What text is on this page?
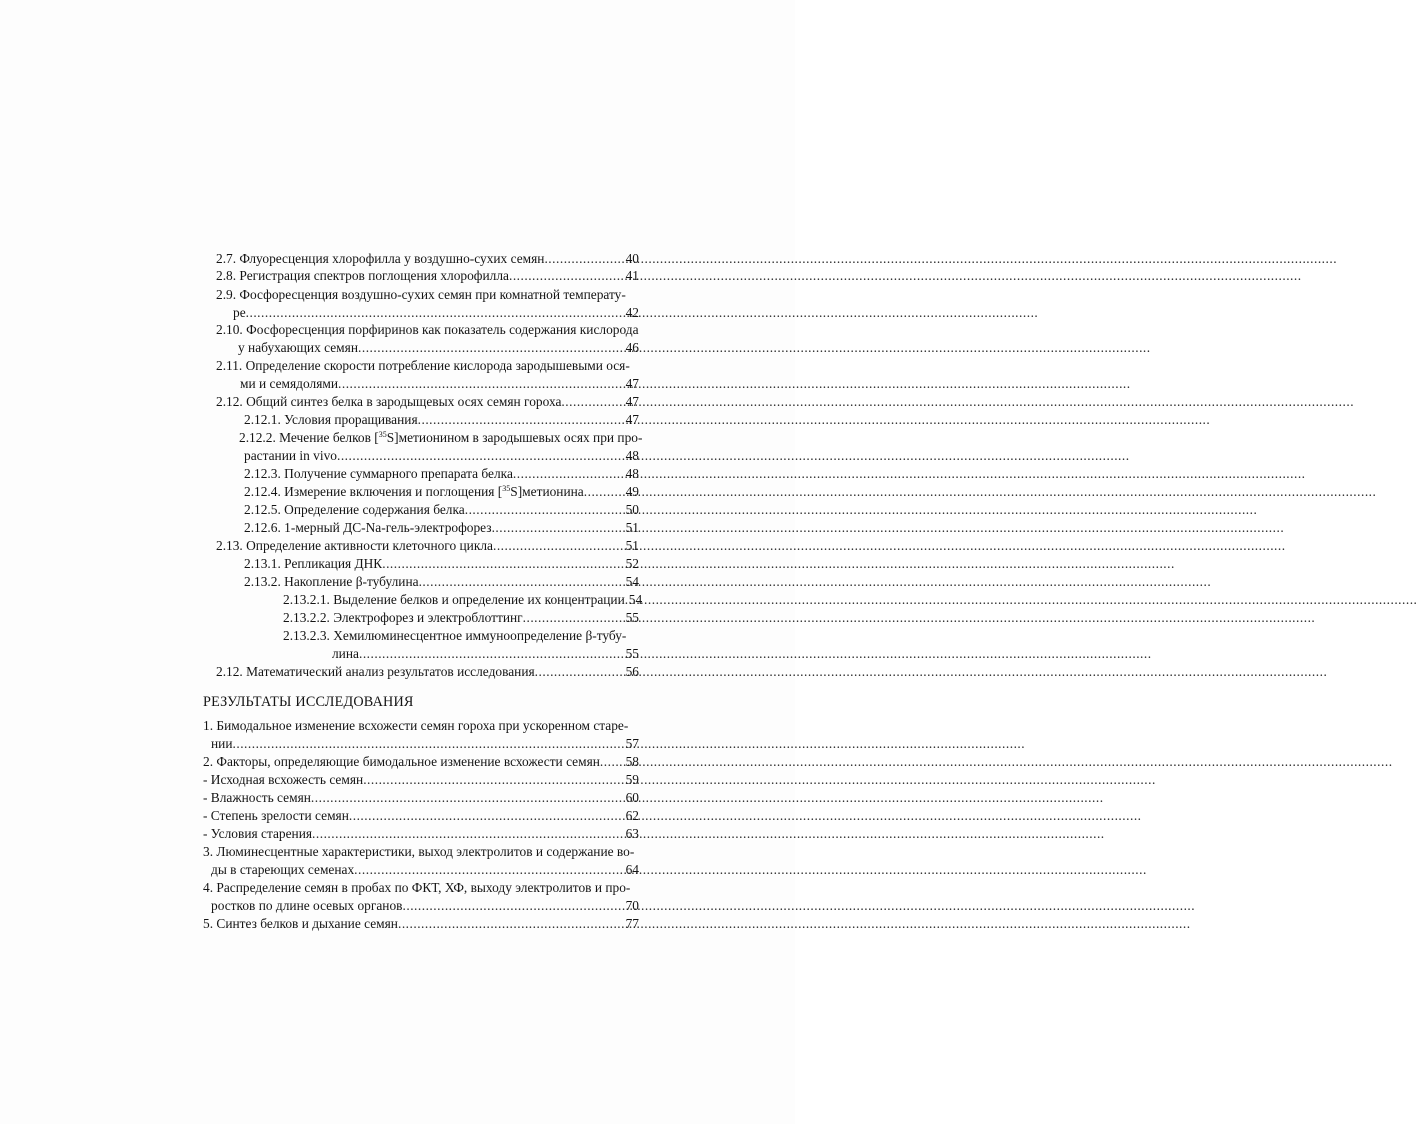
2.7. Флуоресценция хлорофилла у воздушно-сухих семян .....	40
2.8. Регистрация спектров поглощения хлорофилла .....	41
2.9. Фосфоресценция воздушно-сухих семян при комнатной температу-
ре .....	42
2.10. Фосфоресценция порфиринов как показатель содержания кислорода
у набухающих семян .....	46
2.11. Определение скорости потребление кислорода зародышевыми ося-
ми и семядолями .....	47
2.12. Общий синтез белка в зародыщевых осях семян гороха .....	47
2.12.1. Условия проращивания .....	47
2.12.2. Мечение белков [$^{35}$S]метионином в зародышевых осях при про-
растании in vivo .....	48
2.12.3. Получение суммарного препарата белка .....	48
2.12.4. Измерение включения и поглощения [$^{35}$S]метионина .....	49
2.12.5. Определение содержания белка .....	50
2.12.6. 1-мерный ДС-Na-гель-электрофорез .....	51
2.13. Определение активности клеточного цикла .....	51
2.13.1. Репликация ДНК .....	52
2.13.2. Накопление β-тубулина .....	54
2.13.2.1. Выделение белков и определение их концентрации ..... 54
2.13.2.2. Электрофорез и электроблоттинг .....	55
2.13.2.3. Хемилюминесцентное иммуноопределение β-тубу-
лина .....	55
2.12. Математический анализ результатов исследования .....	56
РЕЗУЛЬТАТЫ ИССЛЕДОВАНИЯ
1. Бимодальное изменение всхожести семян гороха при ускоренном старе-
нии .....	57
2. Факторы, определяющие бимодальное изменение всхожести семян ..... 58
- Исходная всхожесть семян .....	59
- Влажность семян .....	60
- Степень зрелости семян .....	62
- Условия старения .....	63
3. Люминесцентные характеристики, выход электролитов и содержание во-
ды в стареющих семенах .....	64
4. Распределение семян в пробах по ФКТ, ХФ, выходу электролитов и про-
ростков по длине осевых органов .....	70
5. Синтез белков и дыхание семян .....	77
